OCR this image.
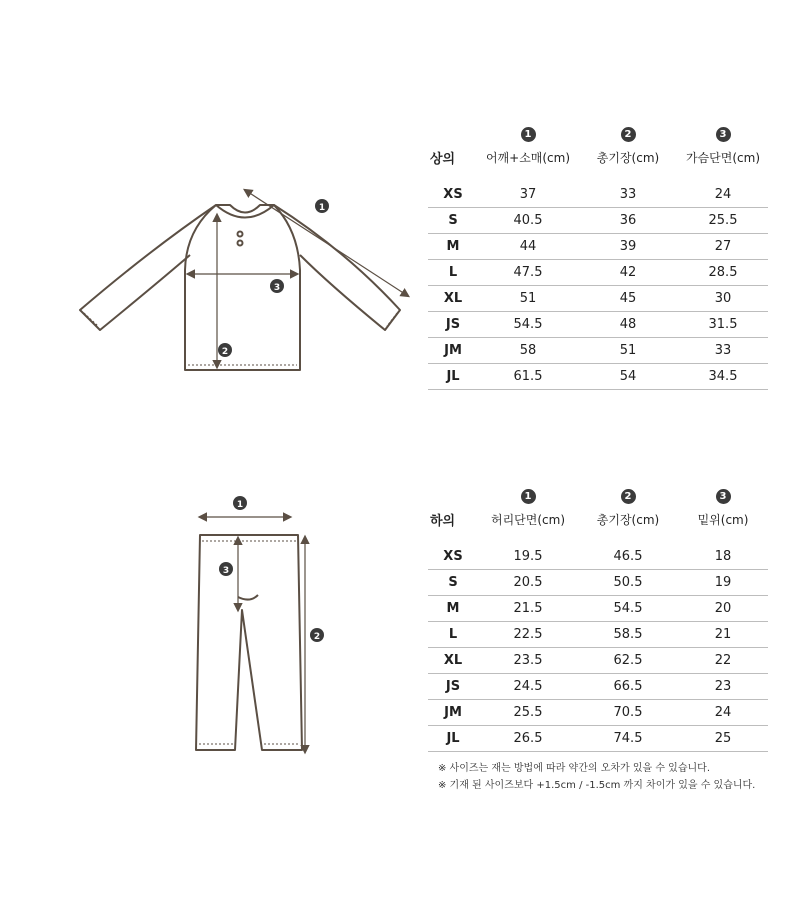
1
2
3
	1	2	3
상의	어깨+소매(cm)	총기장(cm)	가슴단면(cm)

XS	37	33	24
S	40.5	36	25.5
M	44	39	27
L	47.5	42	28.5
XL	51	45	30
JS	54.5	48	31.5
JM	58	51	33
JL	61.5	54	34.5
1
2
3
	1	2	3
하의	허리단면(cm)	총기장(cm)	밑위(cm)

XS	19.5	46.5	18
S	20.5	50.5	19
M	21.5	54.5	20
L	22.5	58.5	21
XL	23.5	62.5	22
JS	24.5	66.5	23
JM	25.5	70.5	24
JL	26.5	74.5	25
※ 사이즈는 재는 방법에 따라 약간의 오차가 있을 수 있습니다.
※ 기재 된 사이즈보다 +1.5cm / -1.5cm 까지 차이가 있을 수 있습니다.
